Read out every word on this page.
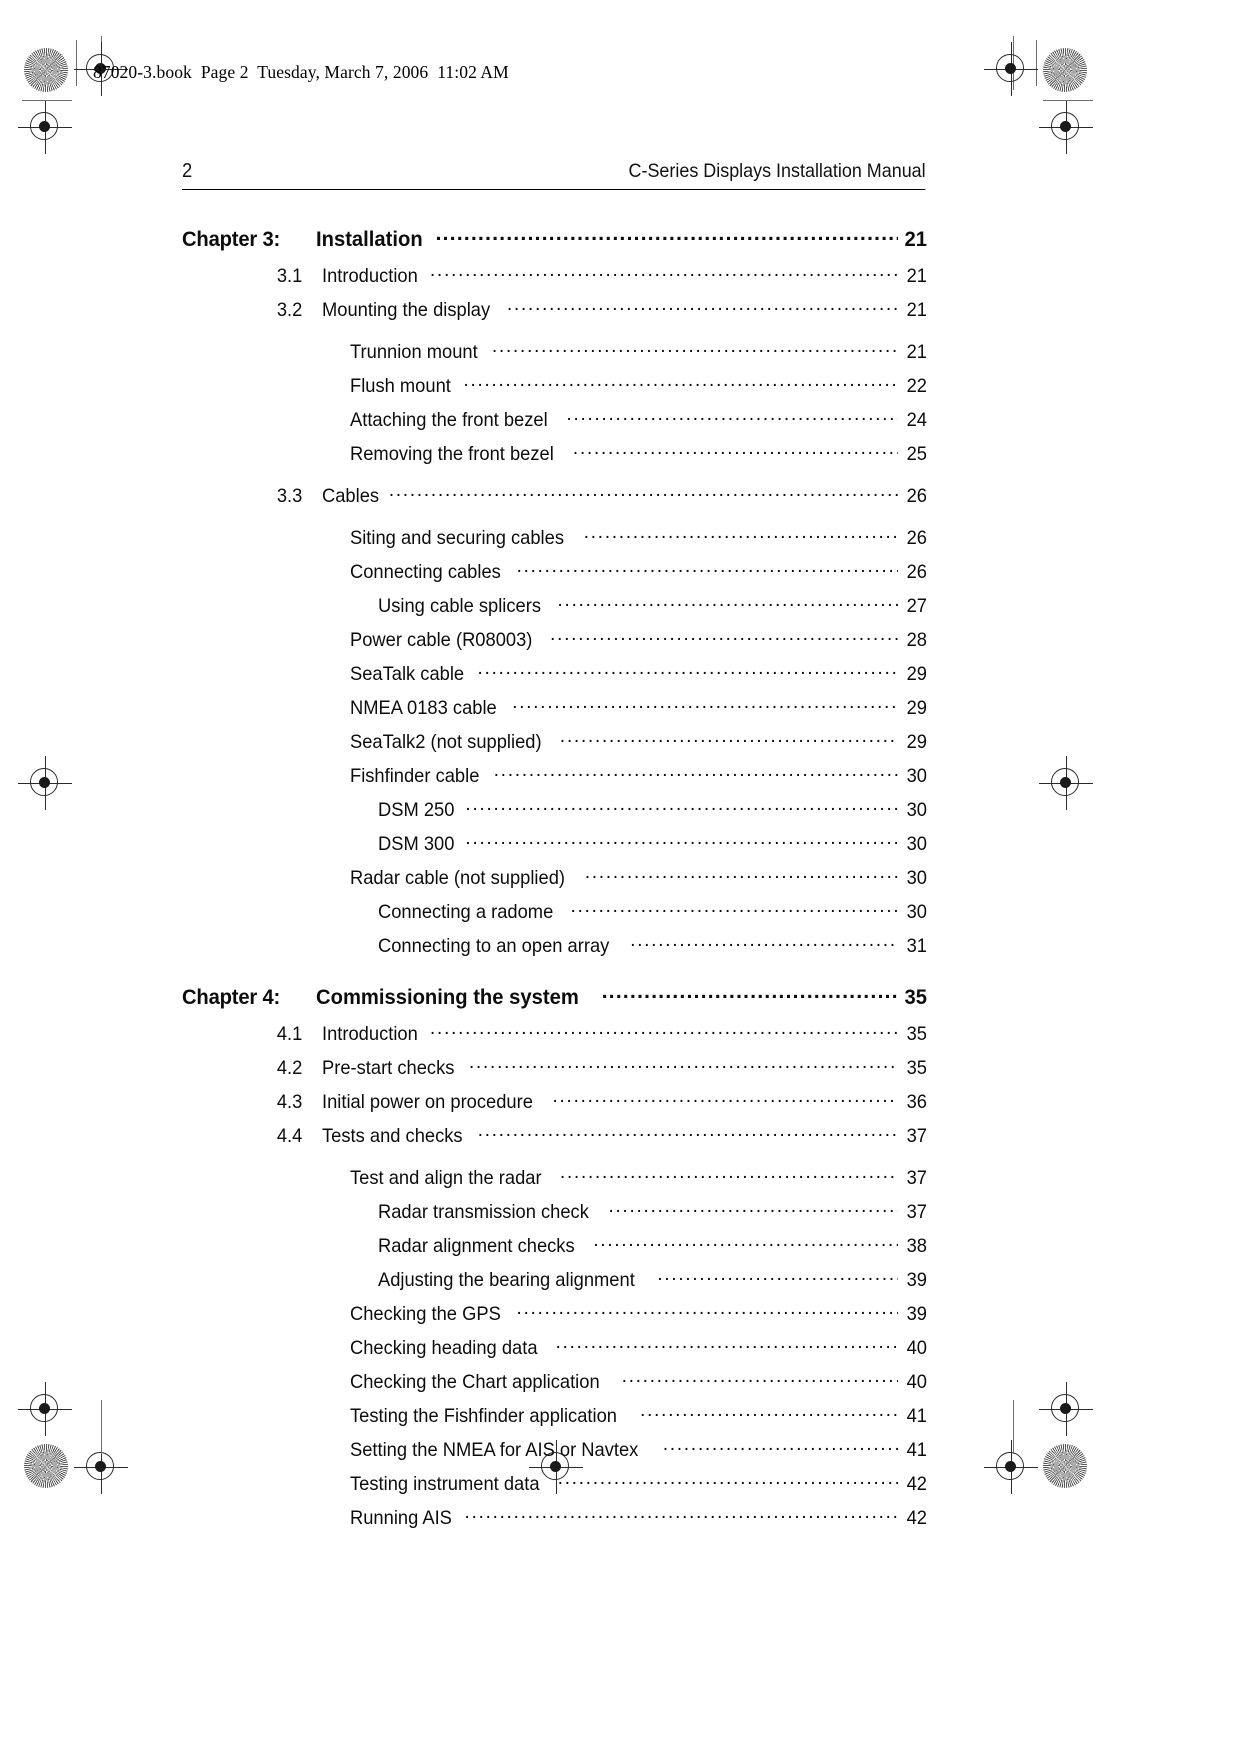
87020-3.book  Page 2  Tuesday, March 7, 2006  11:02 AM
2	C-Series Displays Installation Manual
Chapter 3:	Installation .....	21
3.1	Introduction .....	21
3.2	Mounting the display .....	21
Trunnion mount .....	21
Flush mount .....	22
Attaching the front bezel .....	24
Removing the front bezel .....	25
3.3	Cables .....	26
Siting and securing cables .....	26
Connecting cables .....	26
Using cable splicers .....	27
Power cable (R08003) .....	28
SeaTalk cable .....	29
NMEA 0183 cable .....	29
SeaTalk2 (not supplied) .....	29
Fishfinder cable .....	30
DSM 250 .....	30
DSM 300 .....	30
Radar cable (not supplied) .....	30
Connecting a radome .....	30
Connecting to an open array .....	31
Chapter 4:	Commissioning the system .....	35
4.1	Introduction .....	35
4.2	Pre-start checks .....	35
4.3	Initial power on procedure .....	36
4.4	Tests and checks .....	37
Test and align the radar .....	37
Radar transmission check .....	37
Radar alignment checks .....	38
Adjusting the bearing alignment .....	39
Checking the GPS .....	39
Checking heading data .....	40
Checking the Chart application .....	40
Testing the Fishfinder application .....	41
Setting the NMEA for AIS or Navtex .....	41
Testing instrument data .....	42
Running AIS .....	42
